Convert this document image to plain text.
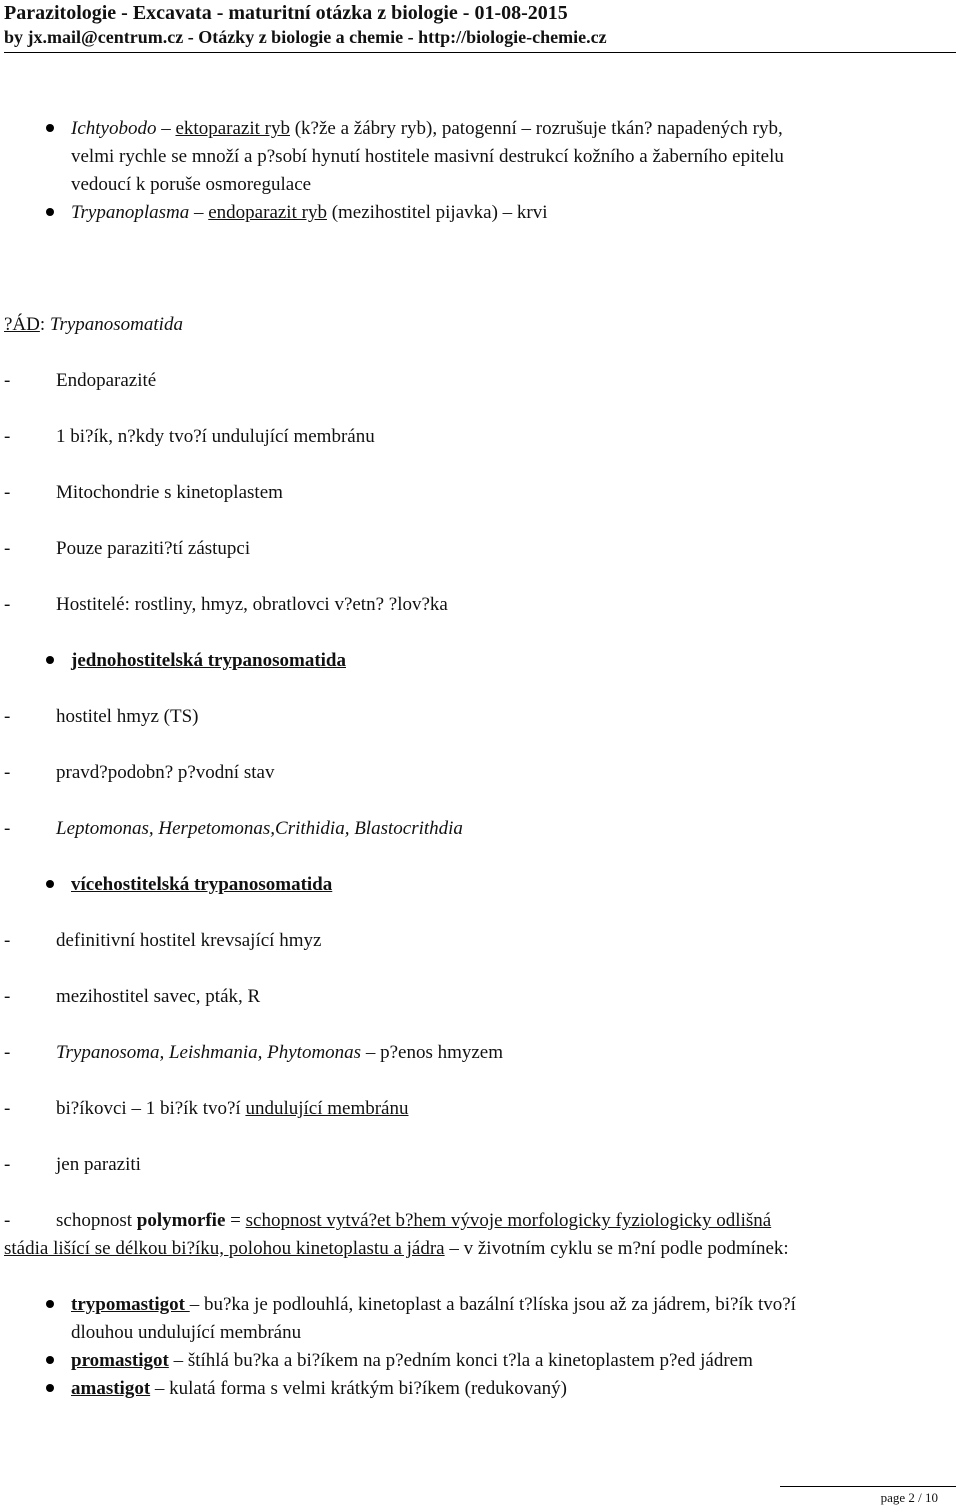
Parazitologie - Excavata - maturitní otázka z biologie - 01-08-2015
by jx.mail@centrum.cz - Otázky z biologie a chemie - http://biologie-chemie.cz
Ichtyobodo – ektoparazit ryb (k?že a žábry ryb), patogenní – rozrušuje tkán? napadených ryb,
velmi rychle se množí a p?sobí hynutí hostitele masivní destrukcí kožního a žaberního epitelu
vedoucí k poruše osmoregulace
Trypanoplasma – endoparazit ryb (mezihostitel pijavka) – krvi
?ÁD: Trypanosomatida
- Endoparazité
- 1 bi?ík, n?kdy tvo?í undulující membránu
- Mitochondrie s kinetoplastem
- Pouze paraziti?tí zástupci
- Hostitelé: rostliny, hmyz, obratlovci v?etn? ?lov?ka
jednohostitelská trypanosomatida
- hostitel hmyz (TS)
- pravd?podobn? p?vodní stav
- Leptomonas, Herpetomonas,Crithidia, Blastocrithdia
vícehostitelská trypanosomatida
- definitivní hostitel krevsající hmyz
- mezihostitel savec, pták, R
- Trypanosoma, Leishmania, Phytomonas – p?enos hmyzem
- bi?íkovci – 1 bi?ík tvo?í undulující membránu
- jen paraziti
- schopnost polymorfie = schopnost vytvá?et b?hem vývoje morfologicky fyziologicky odlišná
stádia lišící se délkou bi?íku, polohou kinetoplastu a jádra – v životním cyklu se m?ní podle podmínek:
trypomastigot – bu?ka je podlouhlá, kinetoplast a bazální t?líska jsou až za jádrem, bi?ík tvo?í
dlouhou undulující membránu
promastigot – štíhlá bu?ka a bi?íkem na p?edním konci t?la a kinetoplastem p?ed jádrem
amastigot – kulatá forma s velmi krátkým bi?íkem (redukovaný)
page 2 / 10
